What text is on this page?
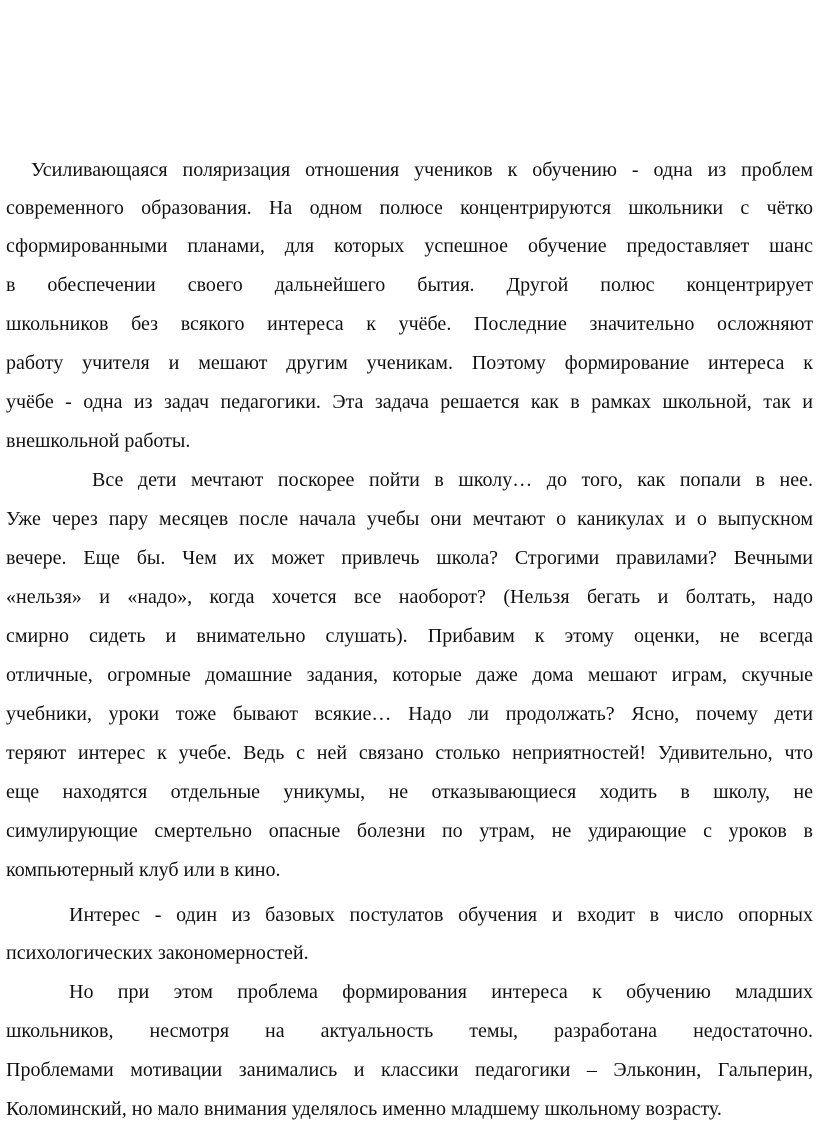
Усиливающаяся поляризация отношения учеников к обучению - одна из проблем
современного образования. На одном полюсе концентрируются школьники с чётко
сформированными планами, для которых успешное обучение предоставляет шанс
в обеспечении своего дальнейшего бытия. Другой полюс концентрирует
школьников без всякого интереса к учёбе. Последние значительно осложняют
работу учителя и мешают другим ученикам. Поэтому формирование интереса к
учёбе - одна из задач педагогики. Эта задача решается как в рамках школьной, так и
внешкольной работы.
Все дети мечтают поскорее пойти в школу… до того, как попали в нее.
Уже через пару месяцев после начала учебы они мечтают о каникулах и о выпускном
вечере. Еще бы. Чем их может привлечь школа? Строгими правилами? Вечными
«нельзя» и «надо», когда хочется все наоборот? (Нельзя бегать и болтать, надо
смирно сидеть и внимательно слушать). Прибавим к этому оценки, не всегда
отличные, огромные домашние задания, которые даже дома мешают играм, скучные
учебники, уроки тоже бывают всякие… Надо ли продолжать? Ясно, почему дети
теряют интерес к учебе. Ведь с ней связано столько неприятностей! Удивительно, что
еще находятся отдельные уникумы, не отказывающиеся ходить в школу, не
симулирующие смертельно опасные болезни по утрам, не удирающие с уроков в
компьютерный клуб или в кино.
Интерес - один из базовых постулатов обучения и входит в число опорных
психологических закономерностей.
Но при этом проблема формирования интереса к обучению младших
школьников, несмотря на актуальность темы, разработана недостаточно.
Проблемами мотивации занимались и классики педагогики – Эльконин, Гальперин,
Коломинский, но мало внимания уделялось именно младшему школьному возрасту.
